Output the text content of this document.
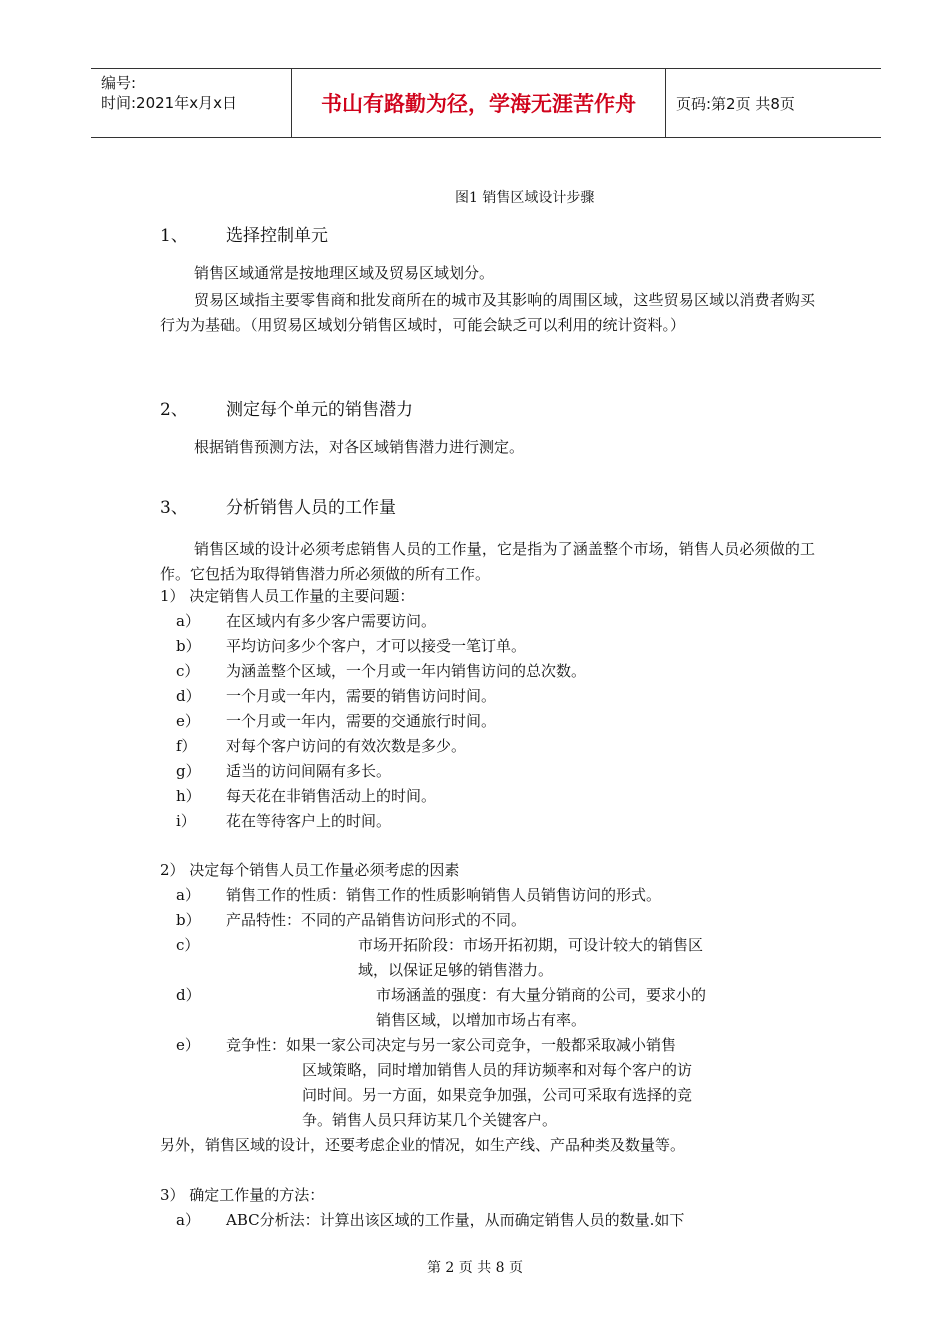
编号:
时间:2021年x月x日	书山有路勤为径，学海无涯苦作舟	页码:第2页 共8页
图1 销售区域设计步骤
1、 选择控制单元
销售区域通常是按地理区域及贸易区域划分。
贸易区域指主要零售商和批发商所在的城市及其影响的周围区域，这些贸易区域以消费者购买行为为基础。（用贸易区域划分销售区域时，可能会缺乏可以利用的统计资料。）
2、 测定每个单元的销售潜力
根据销售预测方法，对各区域销售潜力进行测定。
3、 分析销售人员的工作量
销售区域的设计必须考虑销售人员的工作量，它是指为了涵盖整个市场，销售人员必须做的工作。它包括为取得销售潜力所必须做的所有工作。
1） 决定销售人员工作量的主要问题：
a） 在区域内有多少客户需要访问。
b） 平均访问多少个客户，才可以接受一笔订单。
c） 为涵盖整个区域，一个月或一年内销售访问的总次数。
d） 一个月或一年内，需要的销售访问时间。
e） 一个月或一年内，需要的交通旅行时间。
f） 对每个客户访问的有效次数是多少。
g） 适当的访问间隔有多长。
h） 每天花在非销售活动上的时间。
i） 花在等待客户上的时间。
2） 决定每个销售人员工作量必须考虑的因素
a） 销售工作的性质：销售工作的性质影响销售人员销售访问的形式。
b） 产品特性：不同的产品销售访问形式的不同。
c）	市场开拓阶段：市场开拓初期，可设计较大的销售区
域，以保证足够的销售潜力。
d）	市场涵盖的强度：有大量分销商的公司，要求小的
销售区域，以增加市场占有率。
e） 竞争性：如果一家公司决定与另一家公司竞争，一般都采取减小销售
区域策略，同时增加销售人员的拜访频率和对每个客户的访
问时间。另一方面，如果竞争加强，公司可采取有选择的竞
争。销售人员只拜访某几个关键客户。
另外，销售区域的设计，还要考虑企业的情况，如生产线、产品种类及数量等。
3） 确定工作量的方法：
a） ABC分析法：计算出该区域的工作量，从而确定销售人员的数量.如下
第 2 页 共 8 页
